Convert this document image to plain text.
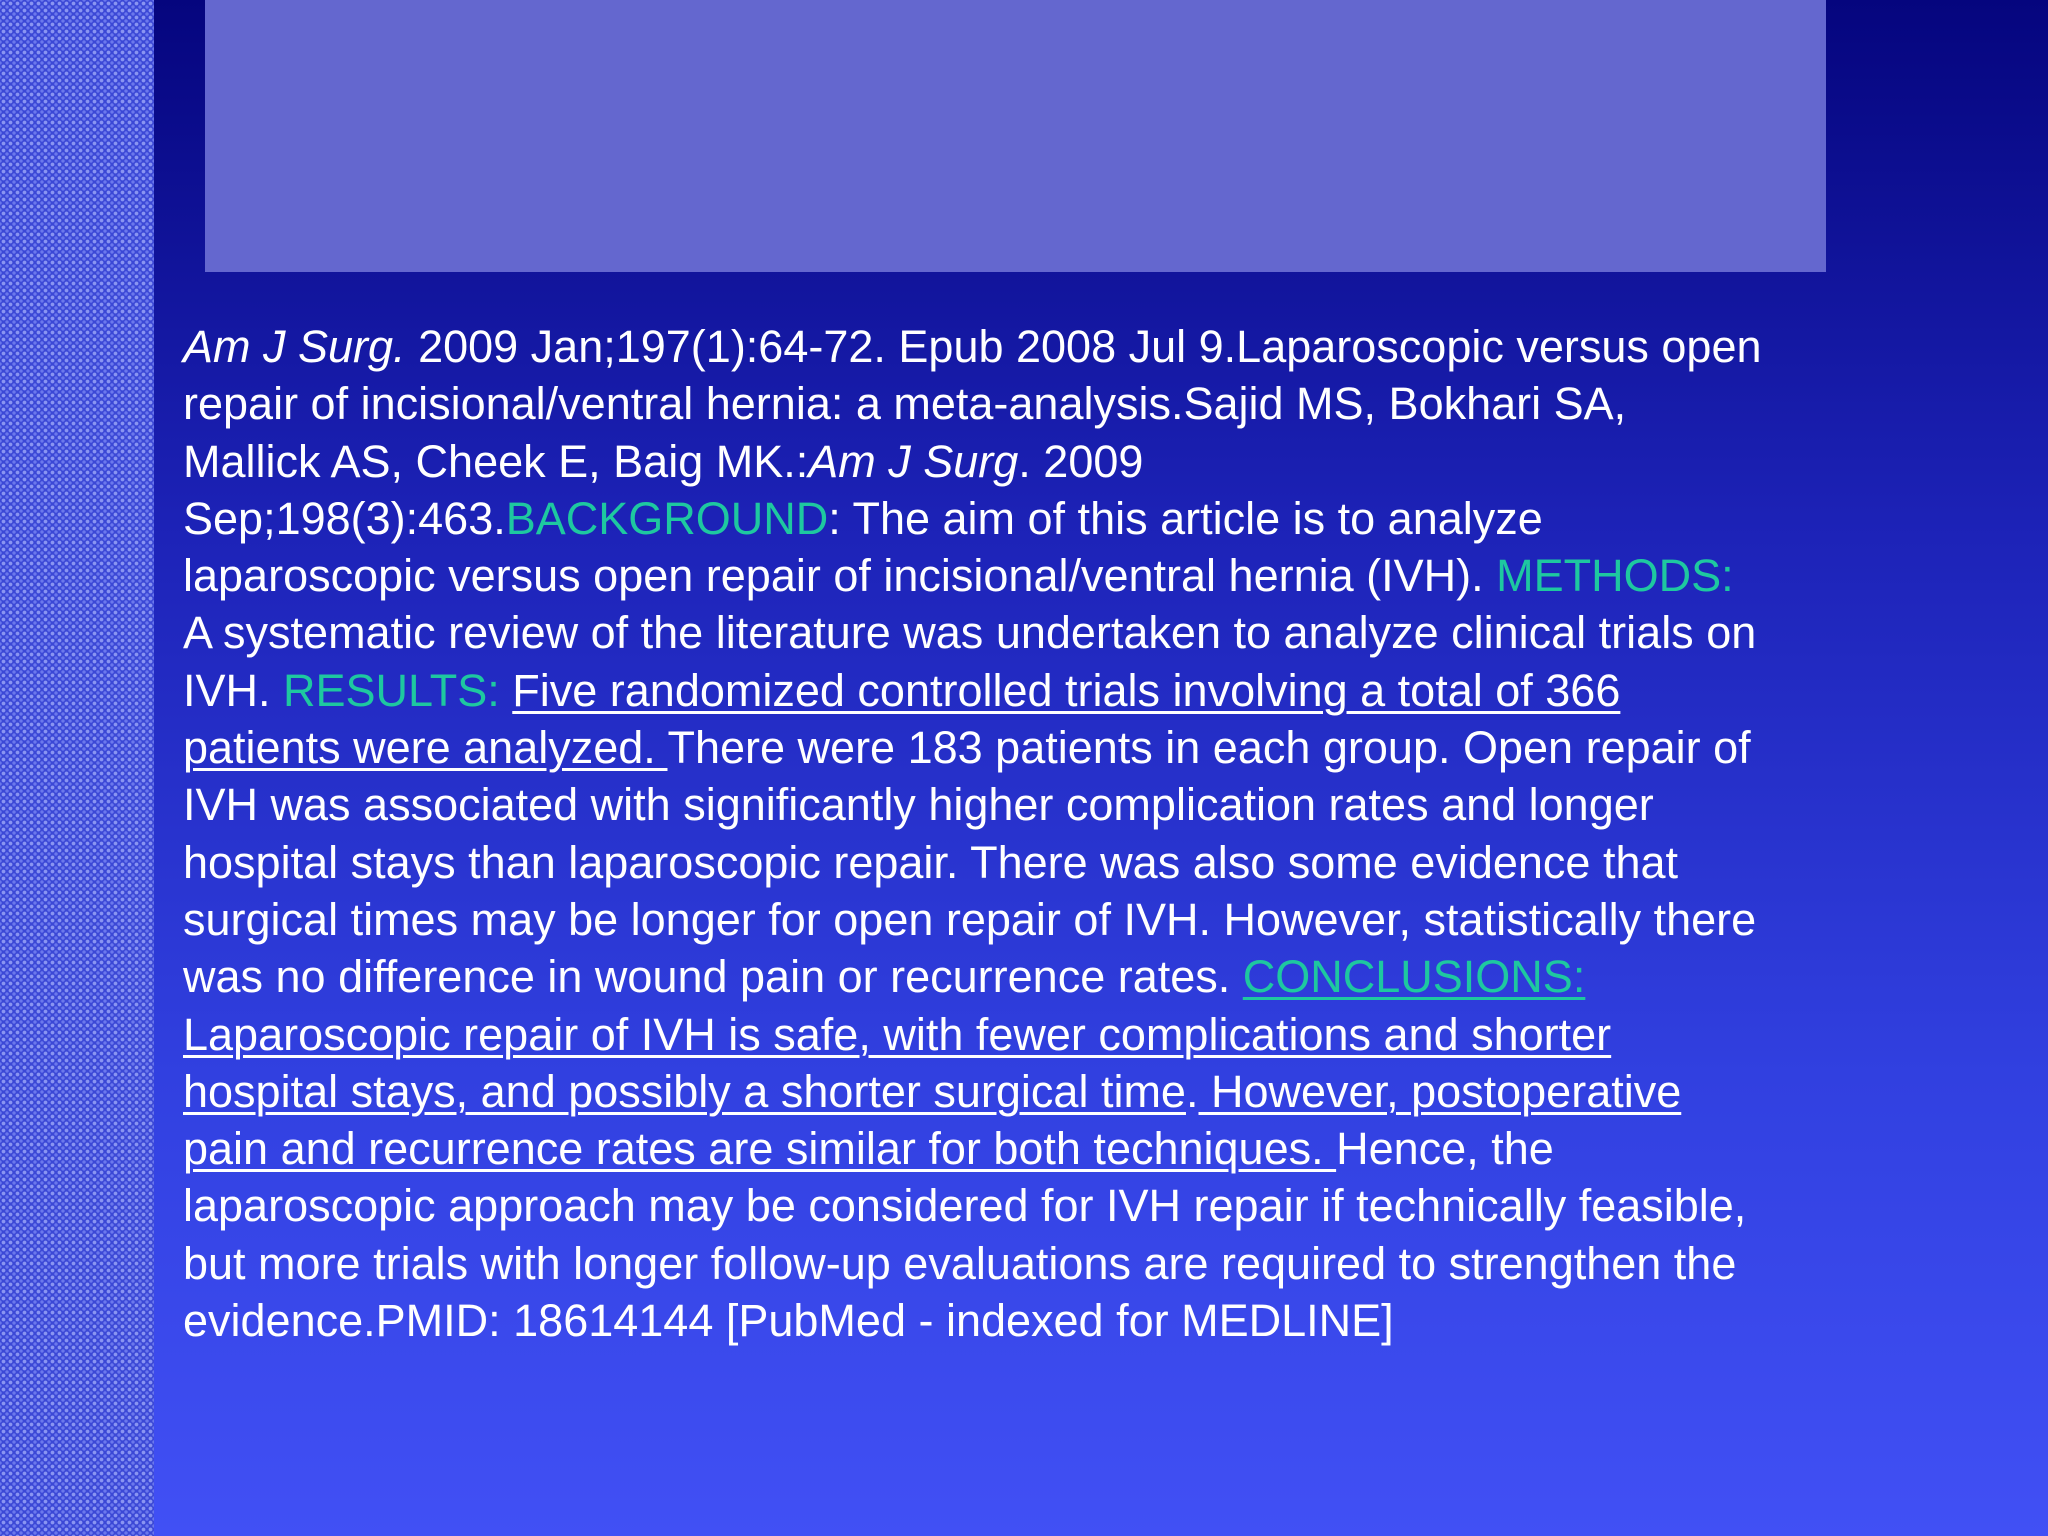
Am J Surg. 2009 Jan;197(1):64-72. Epub 2008 Jul 9.Laparoscopic versus open
repair of incisional/ventral hernia: a meta-analysis.Sajid MS, Bokhari SA,
Mallick AS, Cheek E, Baig MK.:Am J Surg. 2009
Sep;198(3):463.BACKGROUND: The aim of this article is to analyze
laparoscopic versus open repair of incisional/ventral hernia (IVH). METHODS:
A systematic review of the literature was undertaken to analyze clinical trials on
IVH. RESULTS: Five randomized controlled trials involving a total of 366
patients were analyzed. There were 183 patients in each group. Open repair of
IVH was associated with significantly higher complication rates and longer
hospital stays than laparoscopic repair. There was also some evidence that
surgical times may be longer for open repair of IVH. However, statistically there
was no difference in wound pain or recurrence rates. CONCLUSIONS:
Laparoscopic repair of IVH is safe, with fewer complications and shorter
hospital stays, and possibly a shorter surgical time. However, postoperative
pain and recurrence rates are similar for both techniques. Hence, the
laparoscopic approach may be considered for IVH repair if technically feasible,
but more trials with longer follow-up evaluations are required to strengthen the
evidence.PMID: 18614144 [PubMed - indexed for MEDLINE]
